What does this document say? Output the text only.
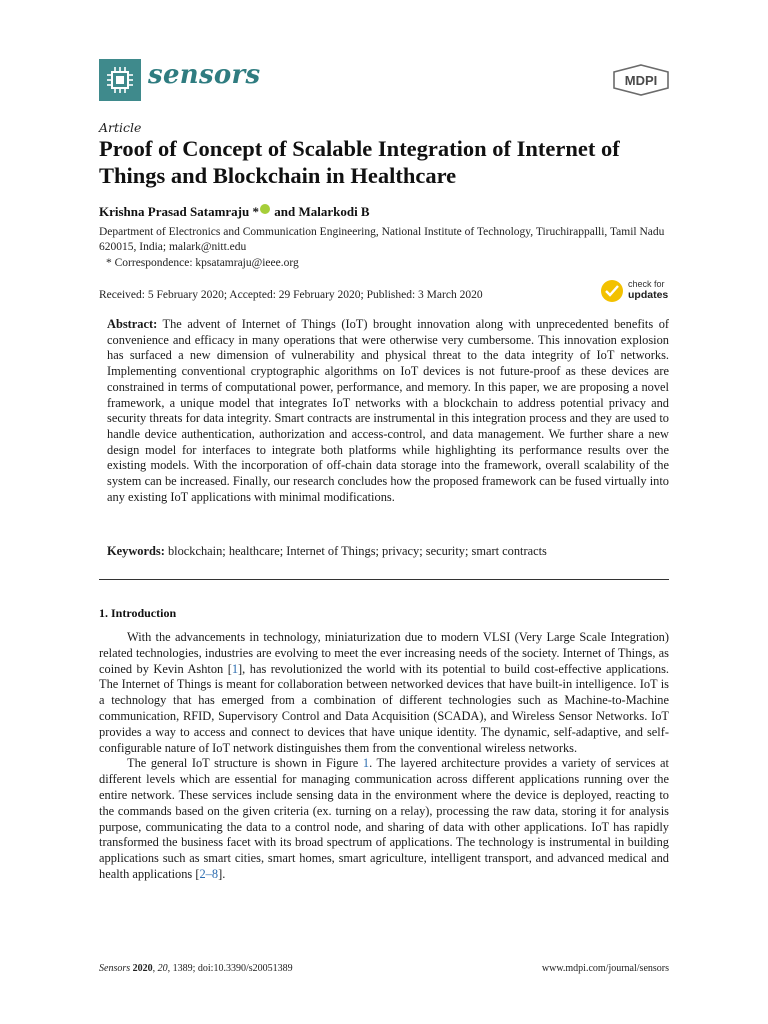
sensors	MDPI
Article
Proof of Concept of Scalable Integration of Internet of Things and Blockchain in Healthcare
Krishna Prasad Satamraju * and Malarkodi B
Department of Electronics and Communication Engineering, National Institute of Technology, Tiruchirappalli, Tamil Nadu 620015, India; malark@nitt.edu
* Correspondence: kpsatamraju@ieee.org
Received: 5 February 2020; Accepted: 29 February 2020; Published: 3 March 2020
check for
updates
Abstract: The advent of Internet of Things (IoT) brought innovation along with unprecedented benefits of convenience and efficacy in many operations that were otherwise very cumbersome. This innovation explosion has surfaced a new dimension of vulnerability and physical threat to the data integrity of IoT networks. Implementing conventional cryptographic algorithms on IoT devices is not future-proof as these devices are constrained in terms of computational power, performance, and memory. In this paper, we are proposing a novel framework, a unique model that integrates IoT networks with a blockchain to address potential privacy and security threats for data integrity. Smart contracts are instrumental in this integration process and they are used to handle device authentication, authorization and access-control, and data management. We further share a new design model for interfaces to integrate both platforms while highlighting its performance results over the existing models. With the incorporation of off-chain data storage into the framework, overall scalability of the system can be increased. Finally, our research concludes how the proposed framework can be fused virtually into any existing IoT applications with minimal modifications.
Keywords: blockchain; healthcare; Internet of Things; privacy; security; smart contracts
1. Introduction

With the advancements in technology, miniaturization due to modern VLSI (Very Large Scale Integration) related technologies, industries are evolving to meet the ever increasing needs of the society. Internet of Things, as coined by Kevin Ashton [1], has revolutionized the world with its potential to build cost-effective applications. The Internet of Things is meant for collaboration between networked devices that have built-in intelligence. IoT is a technology that has emerged from a combination of different technologies such as Machine-to-Machine communication, RFID, Supervisory Control and Data Acquisition (SCADA), and Wireless Sensor Networks. IoT provides a way to access and connect to devices that have unique identity. The dynamic, self-adaptive, and self-configurable nature of IoT network distinguishes them from the conventional wireless networks.

The general IoT structure is shown in Figure 1. The layered architecture provides a variety of services at different levels which are essential for managing communication across different applications running over the entire network. These services include sensing data in the environment where the device is deployed, reacting to the commands based on the given criteria (ex. turning on a relay), processing the raw data, storing it for analysis purpose, communicating the data to a control node, and sharing of data with other applications. IoT has rapidly transformed the business facet with its broad spectrum of applications. The technology is instrumental in building applications such as smart cities, smart homes, smart agriculture, intelligent transport, and advanced medical and health applications [2–8].

Sensors 2020, 20, 1389; doi:10.3390/s20051389	www.mdpi.com/journal/sensors
